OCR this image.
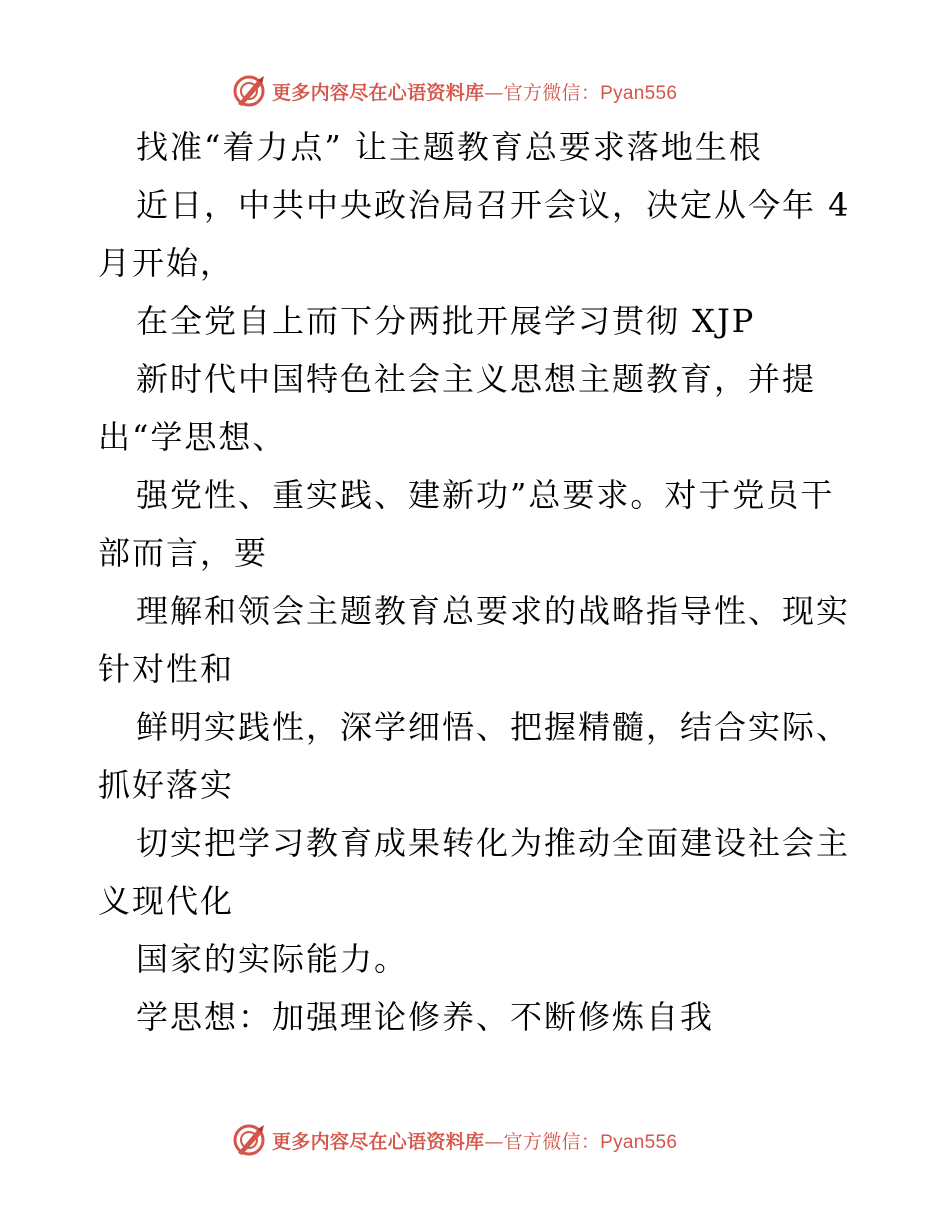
更多内容尽在心语资料库—官方微信：Pyan556
找准“着力点” 让主题教育总要求落地生根
近日，中共中央政治局召开会议，决定从今年 4
月开始，
在全党自上而下分两批开展学习贯彻 XJP
新时代中国特色社会主义思想主题教育，并提
出“学思想、
强党性、重实践、建新功”总要求。对于党员干
部而言，要
理解和领会主题教育总要求的战略指导性、现实
针对性和
鲜明实践性，深学细悟、把握精髓，结合实际、
抓好落实
切实把学习教育成果转化为推动全面建设社会主
义现代化
国家的实际能力。
学思想：加强理论修养、不断修炼自我
更多内容尽在心语资料库—官方微信：Pyan556
